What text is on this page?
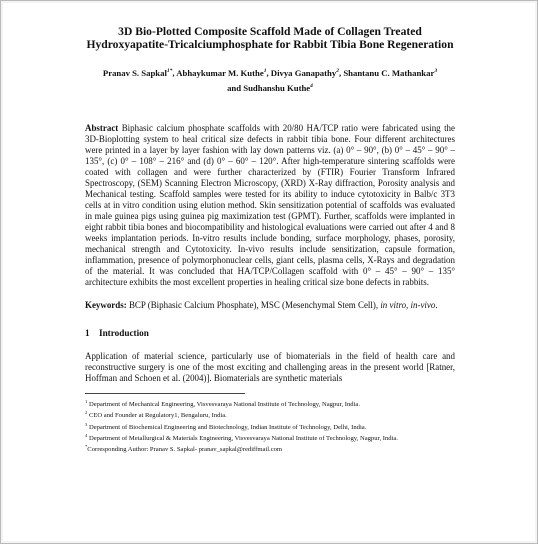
3D Bio-Plotted Composite Scaffold Made of Collagen Treated Hydroxyapatite-Tricalciumphosphate for Rabbit Tibia Bone Regeneration
Pranav S. Sapkal$^{1*}$, Abhaykumar M. Kuthe$^1$, Divya Ganapathy$^2$, Shantanu C. Mathankar$^3$
and Sudhanshu Kuthe$^4$
Abstract Biphasic calcium phosphate scaffolds with 20/80 HA/TCP ratio were fabricated using the 3D-Bioplotting system to heal critical size defects in rabbit tibia bone. Four different architectures were printed in a layer by layer fashion with lay down patterns viz. (a) 0° – 90°, (b) 0° – 45° – 90° – 135°, (c) 0° – 108° – 216° and (d) 0° – 60° – 120°. After high-temperature sintering scaffolds were coated with collagen and were further characterized by (FTIR) Fourier Transform Infrared Spectroscopy, (SEM) Scanning Electron Microscopy, (XRD) X-Ray diffraction, Porosity analysis and Mechanical testing. Scaffold samples were tested for its ability to induce cytotoxicity in Balb/c 3T3 cells at in vitro condition using elution method. Skin sensitization potential of scaffolds was evaluated in male guinea pigs using guinea pig maximization test (GPMT). Further, scaffolds were implanted in eight rabbit tibia bones and biocompatibility and histological evaluations were carried out after 4 and 8 weeks implantation periods. In-vitro results include bonding, surface morphology, phases, porosity, mechanical strength and Cytotoxicity. In-vivo results include sensitization, capsule formation, inflammation, presence of polymorphonuclear cells, giant cells, plasma cells, X-Rays and degradation of the material. It was concluded that HA/TCP/Collagen scaffold with 0° – 45° – 90° – 135° architecture exhibits the most excellent properties in healing critical size bone defects in rabbits.
Keywords: BCP (Biphasic Calcium Phosphate), MSC (Mesenchymal Stem Cell), in vitro, in-vivo.
1 Introduction
Application of material science, particularly use of biomaterials in the field of health care and reconstructive surgery is one of the most exciting and challenging areas in the present world [Ratner, Hoffman and Schoen et al. (2004)]. Biomaterials are synthetic materials
$^1$ Department of Mechanical Engineering, Visvesvaraya National Institute of Technology, Nagpur, India.
$^2$ CEO and Founder at Regulatory1, Bengaluru, India.
$^3$ Department of Biochemical Engineering and Biotechnology, Indian Institute of Technology, Delhi, India.
$^4$ Department of Metallurgical & Materials Engineering, Visvesvaraya National Institute of Technology, Nagpur, India.
*Corresponding Author: Pranav S. Sapkal- pranav_sapkal@rediffmail.com
